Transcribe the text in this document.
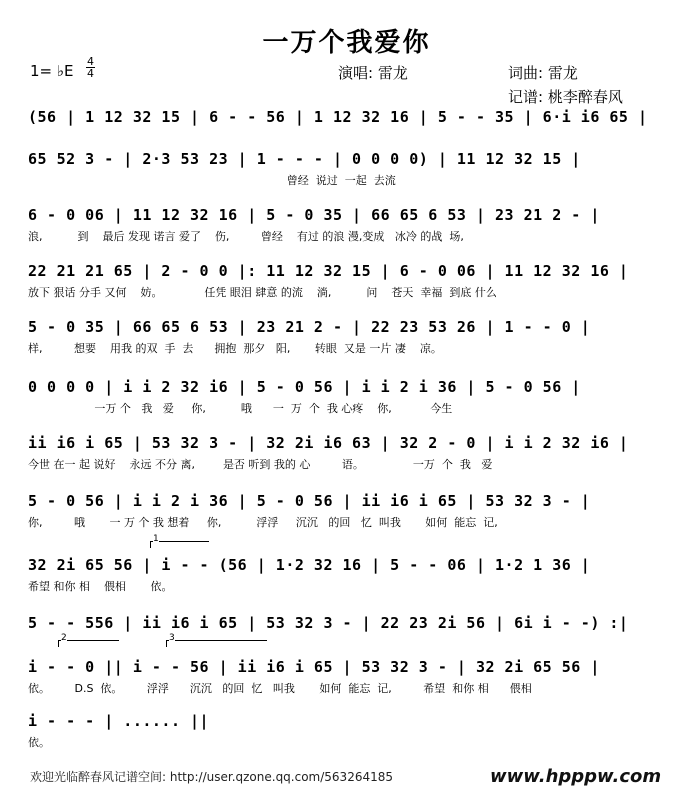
一万个我爱你
1= ♭E
4
4	演唱: 雷龙	词曲: 雷龙
记谱: 桃李醉春风
(56 | 1 12 32 15 | 6 - - 56 | 1 12 32 16 | 5 - - 35 | 6·i i6 65 |
65 52 3 - | 2·3 53 23 | 1 - - - | 0 0 0 0) | 11 12 32 15 |
曾经  说过  一起  去流
6 - 0 06 | 11 12 32 16 | 5 - 0 35 | 66 65 6 53 | 23 21 2 - |
浪,          到    最后 发现 诺言 爱了    伤,         曾经    有过 的浪 漫,变成   冰冷 的战  场,
22 21 21 65 | 2 - 0 0 |: 11 12 32 15 | 6 - 0 06 | 11 12 32 16 |
放下 狠话 分手 又何    妨。            任凭 眼泪 肆意 的流    淌,          问    苍天  幸福  到底 什么
5 - 0 35 | 66 65 6 53 | 23 21 2 - | 22 23 53 26 | 1 - - 0 |
样,         想要    用我 的双  手  去      拥抱  那夕   阳,       转眼  又是 一片 凄    凉。
0 0 0 0 | i i 2 32 i6 | 5 - 0 56 | i i 2 i 36 | 5 - 0 56 |
一万 个   我   爱     你,          哦      一  万  个  我 心疼    你,           今生
ii i6 i 65 | 53 32 3 - | 32 2i i6 63 | 32 2 - 0 | i i 2 32 i6 |
今世 在一 起 说好    永远 不分 离,        是否 听到 我的 心         语。              一万  个  我   爱
5 - 0 56 | i i 2 i 36 | 5 - 0 56 | ii i6 i 65 | 53 32 3 - |
你,         哦       一 万 个 我 想着     你,          浮浮     沉沉   的回   忆  叫我       如何  能忘  记,
32 2i 65 56 | i - - (56 | 1·2 32 16 | 5 - - 06 | 1·2 1 36 |
希望 和你 相    偎相       依。
5 - - 556 | ii i6 i 65 | 53 32 3 - | 22 23 2i 56 | 6i i - -) :|
i - - 0 || i - - 56 | ii i6 i 65 | 53 32 3 - | 32 2i 65 56 |
依。       D.S  依。       浮浮      沉沉   的回  忆   叫我       如何  能忘  记,         希望  和你 相      偎相
i - - - | ...... ||
依。
1
2	3
欢迎光临醉春风记谱空间: http://user.qzone.qq.com/563264185	www.hpppw.com
